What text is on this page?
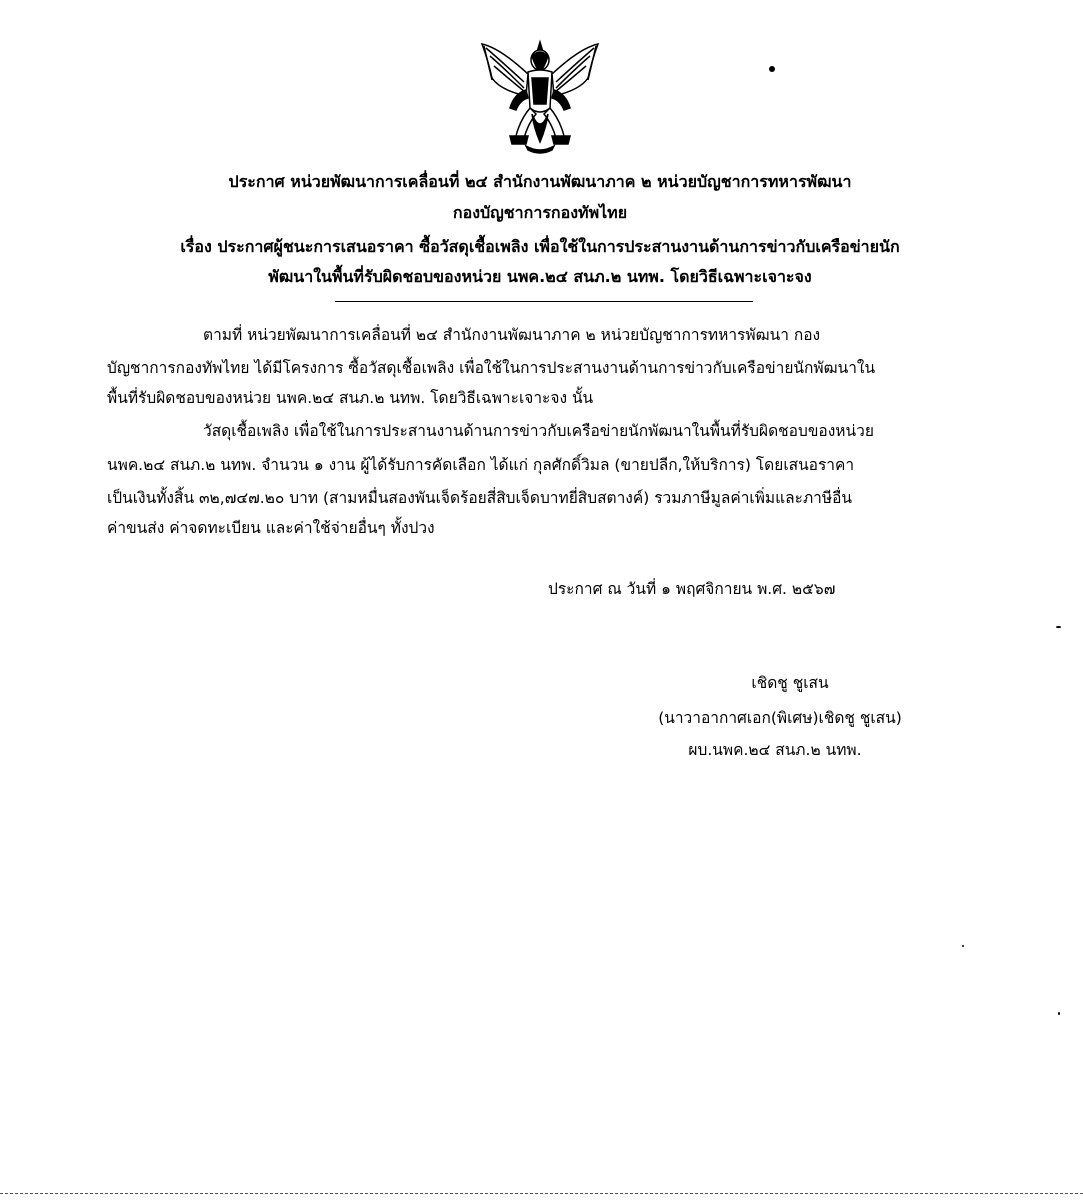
ประกาศ หน่วยพัฒนาการเคลื่อนที่ ๒๔ สำนักงานพัฒนาภาค ๒ หน่วยบัญชาการทหารพัฒนา
กองบัญชาการกองทัพไทย
เรื่อง ประกาศผู้ชนะการเสนอราคา ซื้อวัสดุเชื้อเพลิง เพื่อใช้ในการประสานงานด้านการข่าวกับเครือข่ายนัก
พัฒนาในพื้นที่รับผิดชอบของหน่วย นพค.๒๔ สนภ.๒ นทพ. โดยวิธีเฉพาะเจาะจง
ตามที่ หน่วยพัฒนาการเคลื่อนที่ ๒๔ สำนักงานพัฒนาภาค ๒ หน่วยบัญชาการทหารพัฒนา กอง
บัญชาการกองทัพไทย ได้มีโครงการ ซื้อวัสดุเชื้อเพลิง เพื่อใช้ในการประสานงานด้านการข่าวกับเครือข่ายนักพัฒนาใน
พื้นที่รับผิดชอบของหน่วย นพค.๒๔ สนภ.๒ นทพ. โดยวิธีเฉพาะเจาะจง นั้น
วัสดุเชื้อเพลิง เพื่อใช้ในการประสานงานด้านการข่าวกับเครือข่ายนักพัฒนาในพื้นที่รับผิดชอบของหน่วย
นพค.๒๔ สนภ.๒ นทพ. จำนวน ๑ งาน ผู้ได้รับการคัดเลือก ได้แก่ กุลศักดิ์วิมล (ขายปลีก,ให้บริการ) โดยเสนอราคา
เป็นเงินทั้งสิ้น ๓๒,๗๔๗.๒๐ บาท (สามหมื่นสองพันเจ็ดร้อยสี่สิบเจ็ดบาทยี่สิบสตางค์) รวมภาษีมูลค่าเพิ่มและภาษีอื่น
ค่าขนส่ง ค่าจดทะเบียน และค่าใช้จ่ายอื่นๆ ทั้งปวง
ประกาศ ณ วันที่ ๑ พฤศจิกายน พ.ศ. ๒๕๖๗
เชิดชู ชูเสน
(นาวาอากาศเอก(พิเศษ)เชิดชู ชูเสน)
ผบ.นพค.๒๔ สนภ.๒ นทพ.
